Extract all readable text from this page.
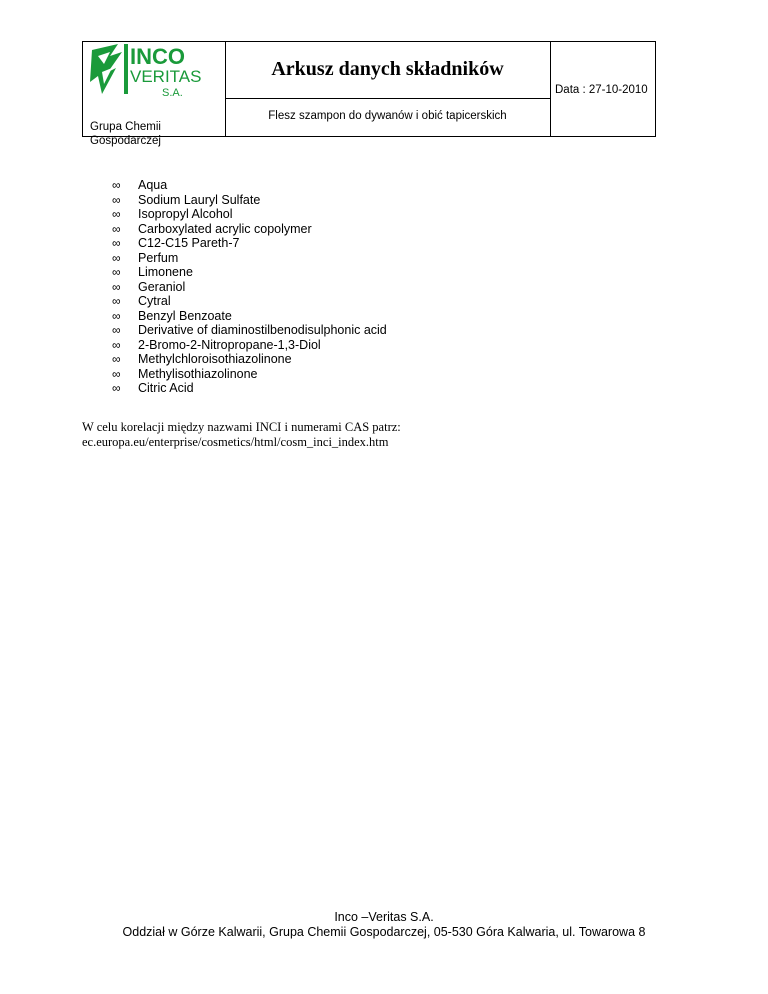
INCO
VERITAS
S.A.
Grupa Chemii
Gospodarczej
Arkusz danych składników
Flesz szampon do dywanów i obić tapicerskich
Data : 27-10-2010
∞ Aqua
∞ Sodium Lauryl Sulfate
∞ Isopropyl Alcohol
∞ Carboxylated acrylic copolymer
∞ C12-C15 Pareth-7
∞ Perfum
∞ Limonene
∞ Geraniol
∞ Cytral
∞ Benzyl Benzoate
∞ Derivative of diaminostilbenodisulphonic acid
∞ 2-Bromo-2-Nitropropane-1,3-Diol
∞ Methylchloroisothiazolinone
∞ Methylisothiazolinone
∞ Citric Acid
W celu korelacji między nazwami INCI i numerami CAS patrz:
ec.europa.eu/enterprise/cosmetics/html/cosm_inci_index.htm
Inco –Veritas S.A.
Oddział w Górze Kalwarii, Grupa Chemii Gospodarczej, 05-530 Góra Kalwaria, ul. Towarowa 8
